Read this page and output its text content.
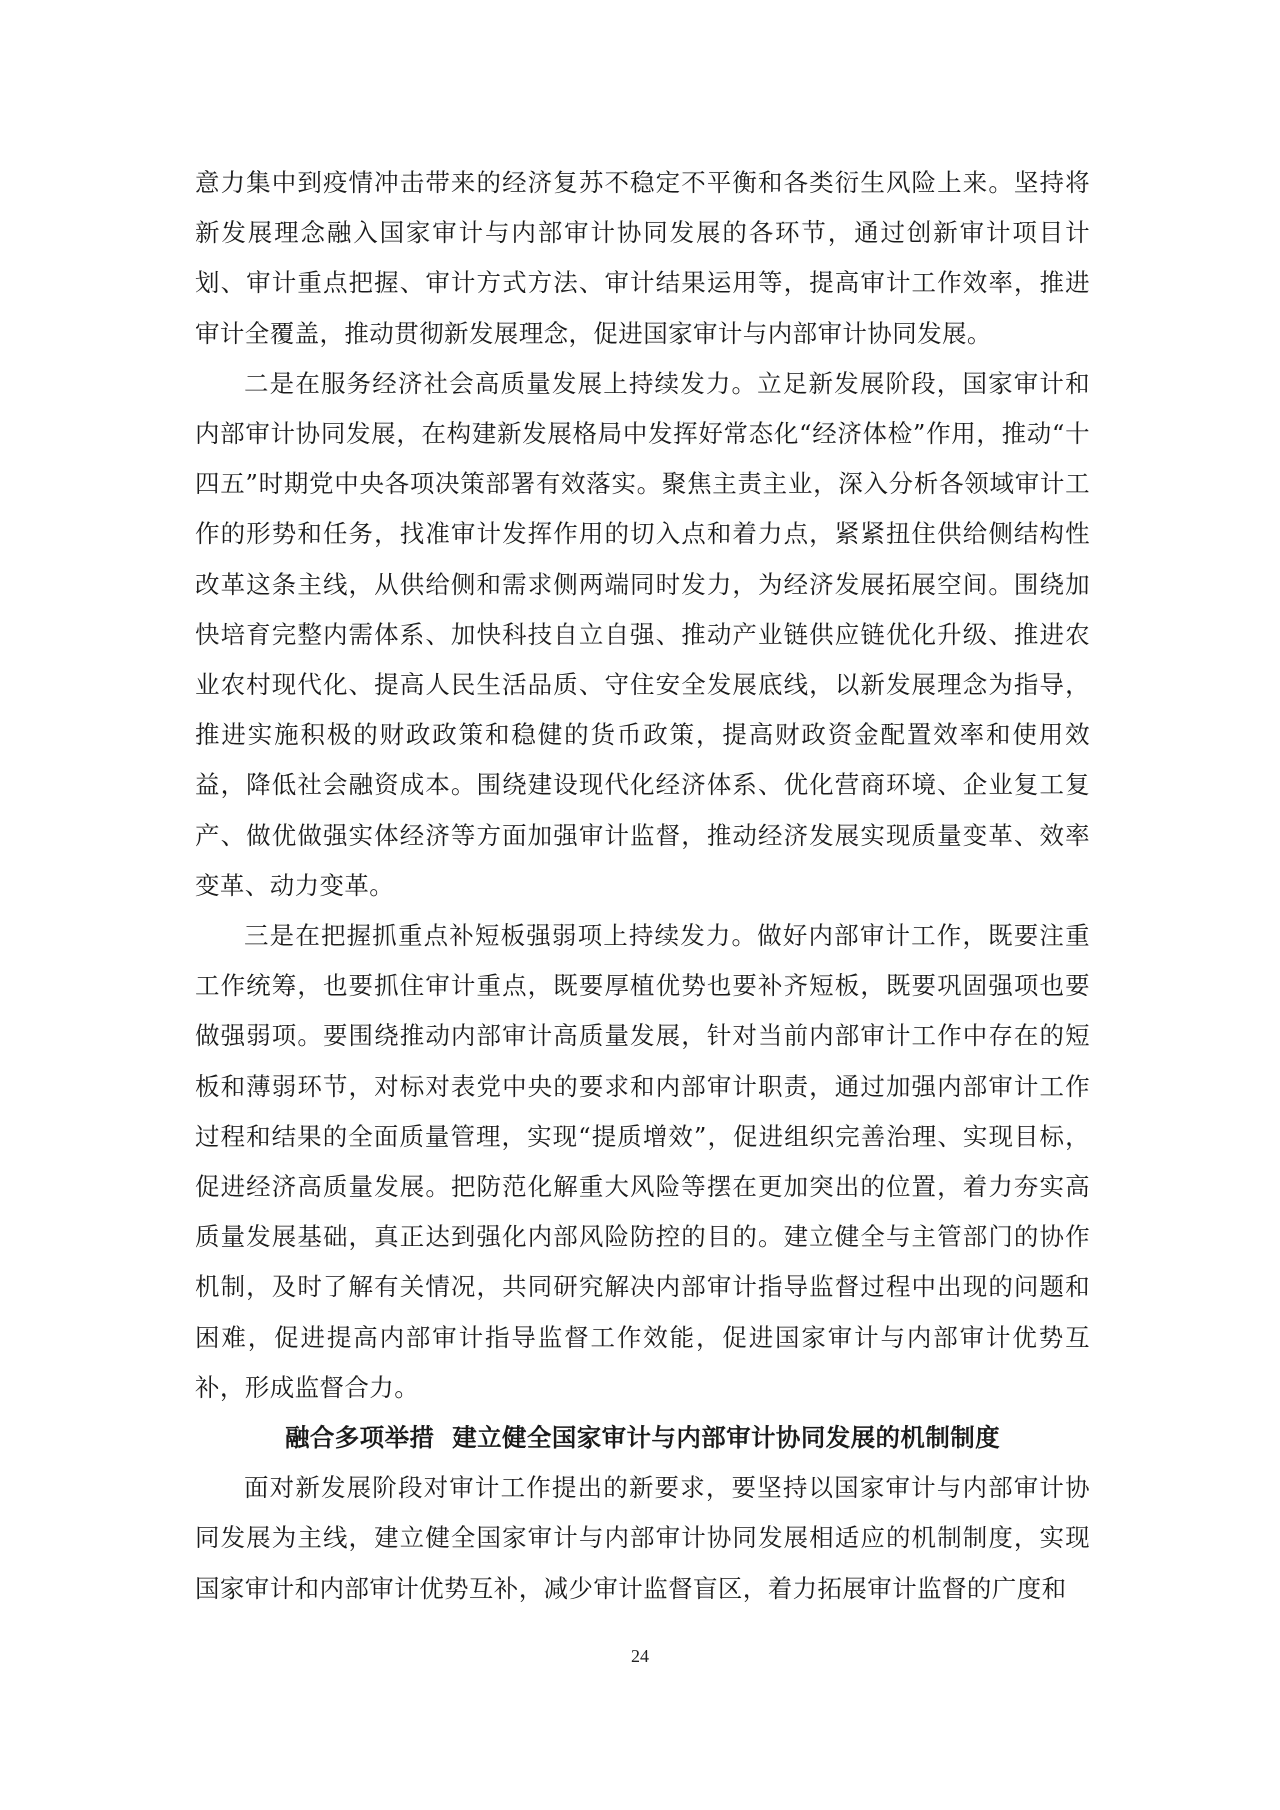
意力集中到疫情冲击带来的经济复苏不稳定不平衡和各类衍生风险上来。坚持将新发展理念融入国家审计与内部审计协同发展的各环节，通过创新审计项目计划、审计重点把握、审计方式方法、审计结果运用等，提高审计工作效率，推进审计全覆盖，推动贯彻新发展理念，促进国家审计与内部审计协同发展。

二是在服务经济社会高质量发展上持续发力。立足新发展阶段，国家审计和内部审计协同发展，在构建新发展格局中发挥好常态化“经济体检”作用，推动“十四五”时期党中央各项决策部署有效落实。聚焦主责主业，深入分析各领域审计工作的形势和任务，找准审计发挥作用的切入点和着力点，紧紧扭住供给侧结构性改革这条主线，从供给侧和需求侧两端同时发力，为经济发展拓展空间。围绕加快培育完整内需体系、加快科技自立自强、推动产业链供应链优化升级、推进农业农村现代化、提高人民生活品质、守住安全发展底线，以新发展理念为指导，推进实施积极的财政政策和稳健的货币政策，提高财政资金配置效率和使用效益，降低社会融资成本。围绕建设现代化经济体系、优化营商环境、企业复工复产、做优做强实体经济等方面加强审计监督，推动经济发展实现质量变革、效率变革、动力变革。

三是在把握抓重点补短板强弱项上持续发力。做好内部审计工作，既要注重工作统筹，也要抓住审计重点，既要厚植优势也要补齐短板，既要巩固强项也要做强弱项。要围绕推动内部审计高质量发展，针对当前内部审计工作中存在的短板和薄弱环节，对标对表党中央的要求和内部审计职责，通过加强内部审计工作过程和结果的全面质量管理，实现“提质增效”，促进组织完善治理、实现目标，促进经济高质量发展。把防范化解重大风险等摆在更加突出的位置，着力夯实高质量发展基础，真正达到强化内部风险防控的目的。建立健全与主管部门的协作机制，及时了解有关情况，共同研究解决内部审计指导监督过程中出现的问题和困难，促进提高内部审计指导监督工作效能，促进国家审计与内部审计优势互补，形成监督合力。

融合多项举措  建立健全国家审计与内部审计协同发展的机制制度

面对新发展阶段对审计工作提出的新要求，要坚持以国家审计与内部审计协同发展为主线，建立健全国家审计与内部审计协同发展相适应的机制制度，实现国家审计和内部审计优势互补，减少审计监督盲区，着力拓展审计监督的广度和

24
